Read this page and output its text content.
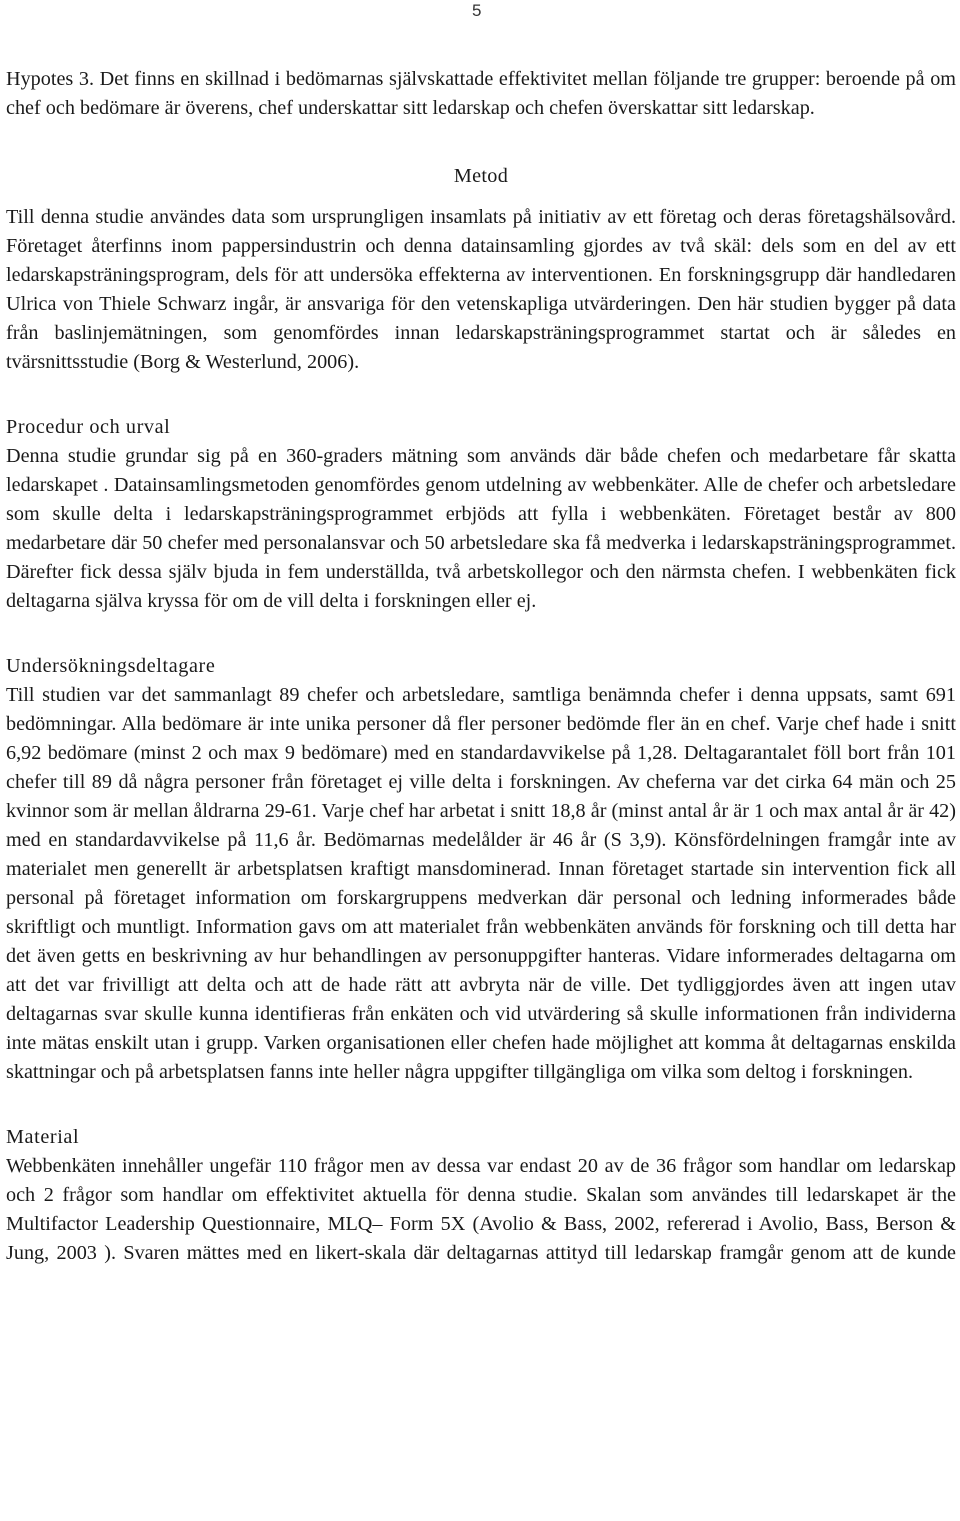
5

Hypotes 3. Det finns en skillnad i bedömarnas självskattade effektivitet mellan följande tre grupper: beroende på om chef och bedömare är överens, chef underskattar sitt ledarskap och chefen överskattar sitt ledarskap.

Metod

Till denna studie användes data som ursprungligen insamlats på initiativ av ett företag och deras företagshälsovård. Företaget återfinns inom pappersindustrin och denna datainsamling gjordes av två skäl: dels som en del av ett ledarskapsträningsprogram, dels för att undersöka effekterna av interventionen. En forskningsgrupp där handledaren Ulrica von Thiele Schwarz ingår, är ansvariga för den vetenskapliga utvärderingen. Den här studien bygger på data från baslinjemätningen, som genomfördes innan ledarskapsträningsprogrammet startat och är således en tvärsnittsstudie (Borg & Westerlund, 2006).

Procedur och urval

Denna studie grundar sig på en 360-graders mätning som används där både chefen och medarbetare får skatta ledarskapet . Datainsamlingsmetoden genomfördes genom utdelning av webbenkäter. Alle de chefer och arbetsledare som skulle delta i ledarskapsträningsprogrammet erbjöds att fylla i webbenkäten. Företaget består av 800 medarbetare där 50 chefer med personalansvar och 50 arbetsledare ska få medverka i ledarskapsträningsprogrammet. Därefter fick dessa själv bjuda in fem underställda, två arbetskollegor och den närmsta chefen. I webbenkäten fick deltagarna själva kryssa för om de vill delta i forskningen eller ej.

Undersökningsdeltagare

Till studien var det sammanlagt 89 chefer och arbetsledare, samtliga benämnda chefer i denna uppsats, samt 691 bedömningar. Alla bedömare är inte unika personer då fler personer bedömde fler än en chef. Varje chef hade i snitt 6,92 bedömare (minst 2 och max 9 bedömare) med en standardavvikelse på 1,28. Deltagarantalet föll bort från 101 chefer till 89 då några personer från företaget ej ville delta i forskningen. Av cheferna var det cirka 64 män och 25 kvinnor som är mellan åldrarna 29-61. Varje chef har arbetat i snitt 18,8 år (minst antal år är 1 och max antal år är 42) med en standardavvikelse på 11,6 år. Bedömarnas medelålder är 46 år (S 3,9). Könsfördelningen framgår inte av materialet men generellt är arbetsplatsen kraftigt mansdominerad. Innan företaget startade sin intervention fick all personal på företaget information om forskargruppens medverkan där personal och ledning informerades både skriftligt och muntligt. Information gavs om att materialet från webbenkäten används för forskning och till detta har det även getts en beskrivning av hur behandlingen av personuppgifter hanteras. Vidare informerades deltagarna om att det var frivilligt att delta och att de hade rätt att avbryta när de ville. Det tydliggjordes även att ingen utav deltagarnas svar skulle kunna identifieras från enkäten och vid utvärdering så skulle informationen från individerna inte mätas enskilt utan i grupp. Varken organisationen eller chefen hade möjlighet att komma åt deltagarnas enskilda skattningar och på arbetsplatsen fanns inte heller några uppgifter tillgängliga om vilka som deltog i forskningen.

Material

Webbenkäten innehåller ungefär 110 frågor men av dessa var endast 20 av de 36 frågor som handlar om ledarskap och 2 frågor som handlar om effektivitet aktuella för denna studie. Skalan som användes till ledarskapet är the Multifactor Leadership Questionnaire, MLQ– Form 5X (Avolio & Bass, 2002, refererad i Avolio, Bass, Berson & Jung, 2003 ). Svaren mättes med en likert-skala där deltagarnas attityd till ledarskap framgår genom att de kunde
